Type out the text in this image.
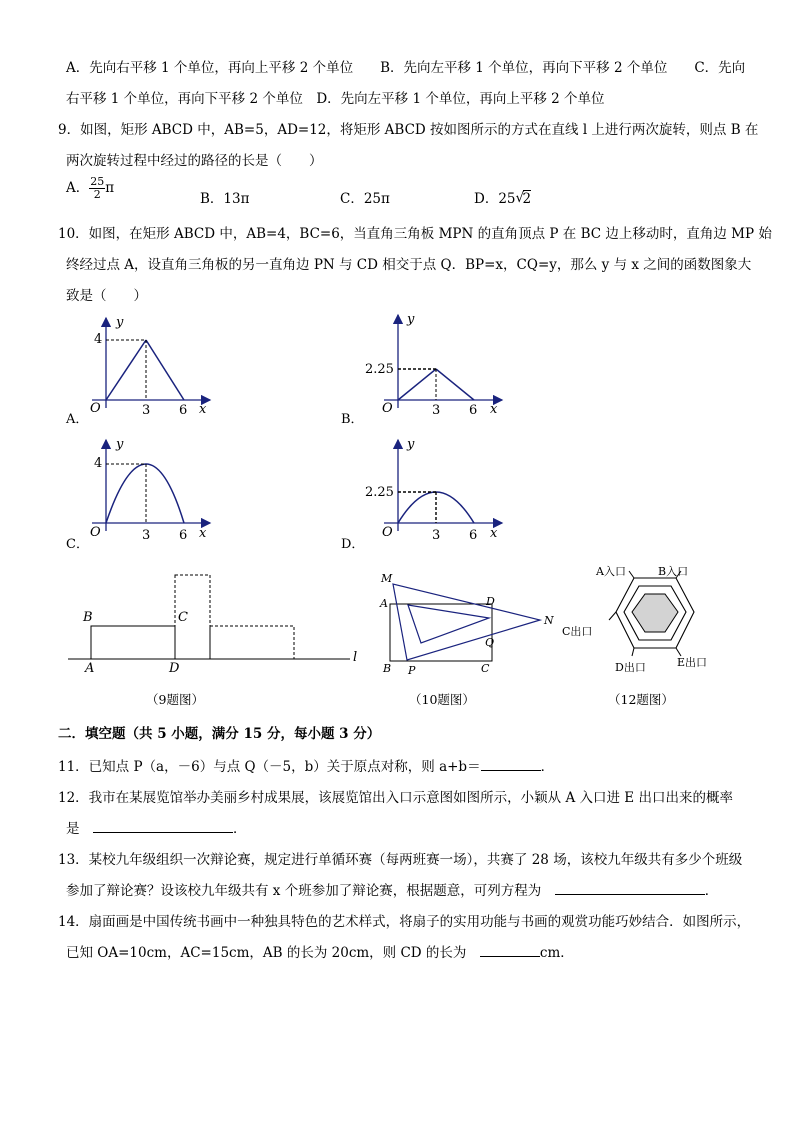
A．先向右平移 1 个单位，再向上平移 2 个单位　　B．先向左平移 1 个单位，再向下平移 2 个单位　　C．先向
右平移 1 个单位，再向下平移 2 个单位　D．先向左平移 1 个单位，再向上平移 2 个单位
9．如图，矩形 ABCD 中，AB=5，AD=12，将矩形 ABCD 按如图所示的方式在直线 l 上进行两次旋转，则点 B 在
两次旋转过程中经过的路径的长是（　　）
A． $\frac{25}{2}$ π
B．13π	C．25π	D．25 √
2
10．如图，在矩形 ABCD 中，AB=4，BC=6，当直角三角板 MPN 的直角顶点 P 在 BC 边上移动时，直角边 MP 始
终经过点 A，设直角三角板的另一直角边 PN 与 CD 相交于点 Q．BP=x，CQ=y，那么 y 与 x 之间的函数图象大
致是（　　）
y
4
O	3 6 x
A．
y
2.25
O	3 6 x
B．
y
4
O	3 6 x
C．
y
2.25
O	3 6 x
D．
B	C
A	D
l
（9题图）
M
A	D
N
Q
B P	C
（10题图）
A入口	B入口
C出口
D出口	E出口
（12题图）
二．填空题（共 5 小题，满分 15 分，每小题 3 分）
11．已知点 P（a，－6）与点 Q（－5，b）关于原点对称，则 a+b＝	．
12．我市在某展览馆举办美丽乡村成果展，该展览馆出入口示意图如图所示，小颖从 A 入口进 E 出口出来的概率
是　	．
13．某校九年级组织一次辩论赛，规定进行单循环赛（每两班赛一场），共赛了 28 场，该校九年级共有多少个班级
参加了辩论赛？设该校九年级共有 x 个班参加了辩论赛，根据题意，可列方程为　	．
14．扇面画是中国传统书画中一种独具特色的艺术样式，将扇子的实用功能与书画的观赏功能巧妙结合．如图所示，
已知 OA=10cm，AC=15cm，AB 的长为 20cm，则 CD 的长为　	cm．
